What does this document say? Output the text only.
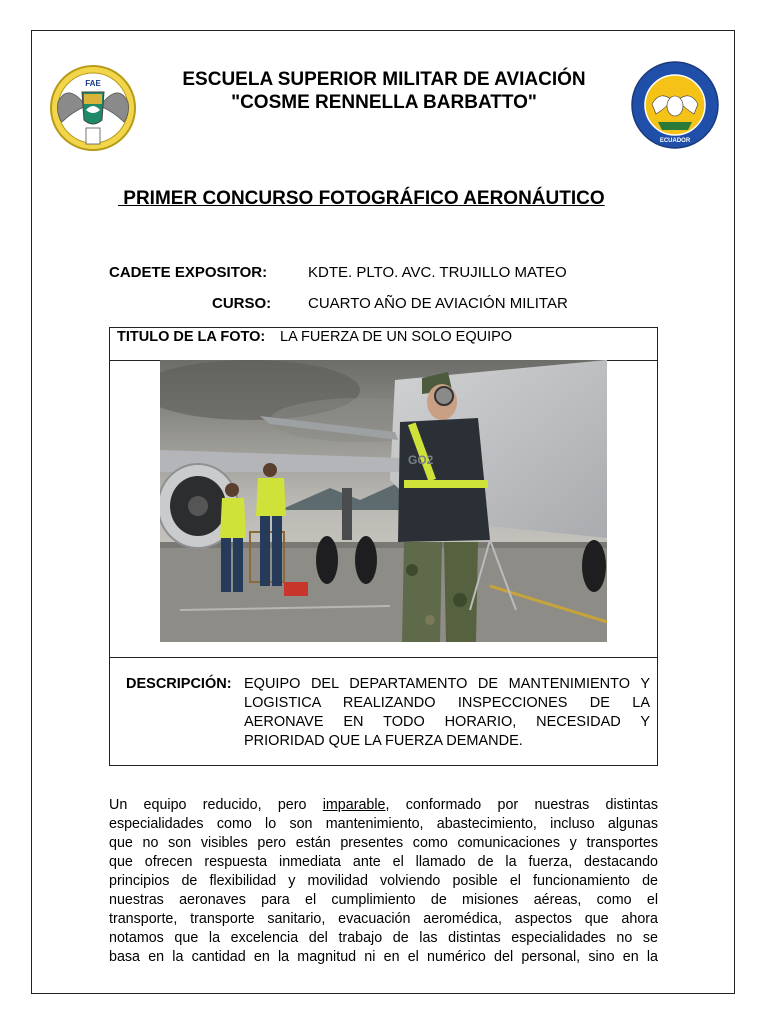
FAE
ECUADOR
ESCUELA SUPERIOR MILITAR DE AVIACIÓN
"COSME RENNELLA BARBATTO"
PRIMER CONCURSO FOTOGRÁFICO AERONÁUTICO
CADETE EXPOSITOR:	KDTE. PLTO. AVC. TRUJILLO MATEO
CURSO: CUARTO AÑO DE AVIACIÓN MILITAR
TITULO DE LA FOTO: LA FUERZA DE UN SOLO EQUIPO
GO2
DESCRIPCIÓN: EQUIPO DEL DEPARTAMENTO DE MANTENIMIENTO Y
LOGISTICA REALIZANDO INSPECCIONES DE LA
AERONAVE EN TODO HORARIO, NECESIDAD Y
PRIORIDAD QUE LA FUERZA DEMANDE.
Un equipo reducido, pero imparable, conformado por nuestras distintas
especialidades como lo son mantenimiento, abastecimiento, incluso algunas
que no son visibles pero están presentes como comunicaciones y transportes
que ofrecen respuesta inmediata ante el llamado de la fuerza, destacando
principios de flexibilidad y movilidad volviendo posible el funcionamiento de
nuestras aeronaves para el cumplimiento de misiones aéreas, como el
transporte, transporte sanitario, evacuación aeromédica, aspectos que ahora
notamos que la excelencia del trabajo de las distintas especialidades no se
basa en la cantidad en la magnitud ni en el numérico del personal, sino en la
